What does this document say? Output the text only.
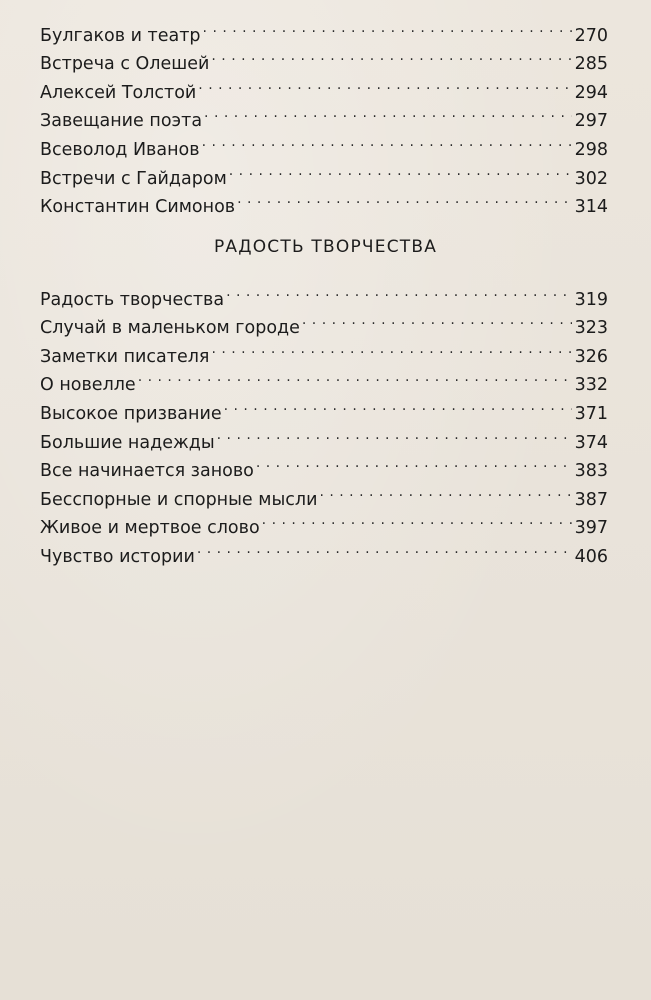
Булгаков и театр . . .	270
Встреча с Олешей . . .	285
Алексей Толстой . . .	294
Завещание поэта . . .	297
Всеволод Иванов . . .	298
Встречи с Гайдаром . . .	302
Константин Симонов . . .	314
РАДОСТЬ ТВОРЧЕСТВА
Радость творчества . . .	319
Случай в маленьком городе . . .	323
Заметки писателя . . .	326
О новелле . . .	332
Высокое призвание . . .	371
Большие надежды . . .	374
Все начинается заново . . .	383
Бесспорные и спорные мысли . . .	387
Живое и мертвое слово . . .	397
Чувство истории . . .	406
